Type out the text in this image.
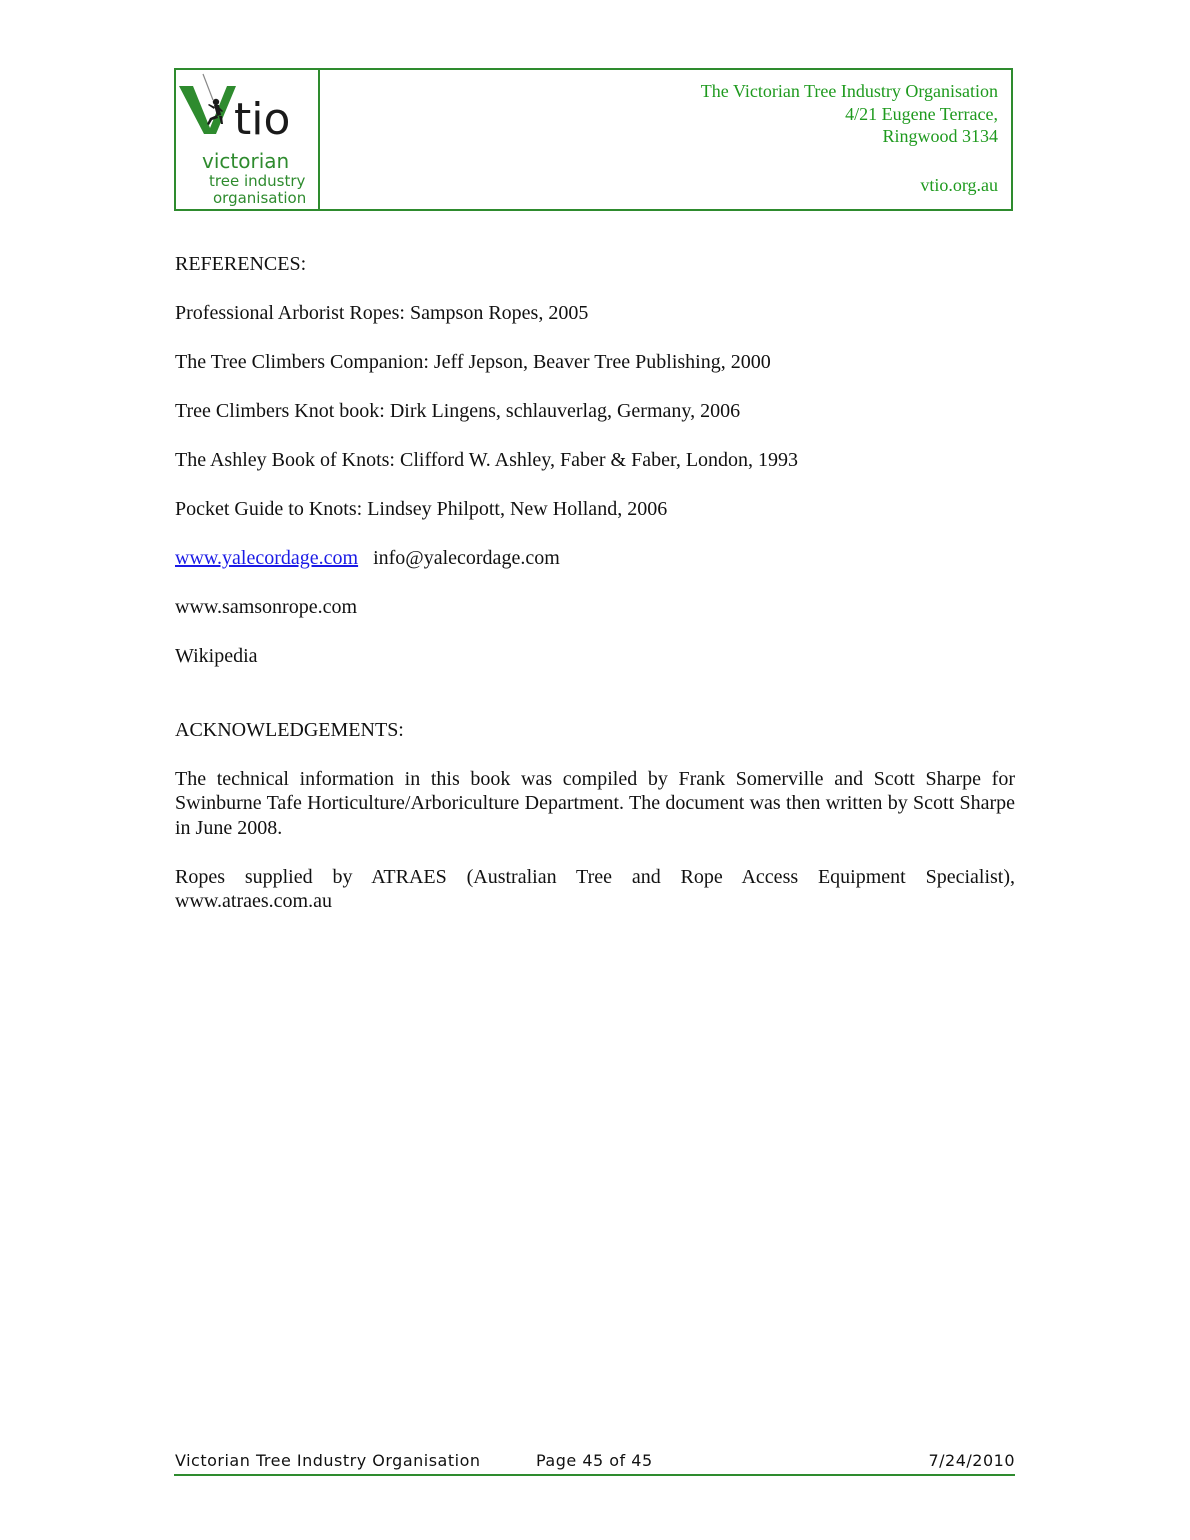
tio
victorian
tree industry
organisation
The Victorian Tree Industry Organisation
4/21 Eugene Terrace,
Ringwood 3134
vtio.org.au

REFERENCES:

Professional Arborist Ropes: Sampson Ropes, 2005

The Tree Climbers Companion: Jeff Jepson, Beaver Tree Publishing, 2000

Tree Climbers Knot book: Dirk Lingens, schlauverlag, Germany, 2006

The Ashley Book of Knots: Clifford W. Ashley, Faber & Faber, London, 1993

Pocket Guide to Knots: Lindsey Philpott, New Holland, 2006

www.yalecordage.com info@yalecordage.com

www.samsonrope.com

Wikipedia

ACKNOWLEDGEMENTS:

The technical information in this book was compiled by Frank Somerville and Scott Sharpe for Swinburne Tafe Horticulture/Arboriculture Department. The document was then written by Scott Sharpe in June 2008.

Ropes supplied by ATRAES (Australian Tree and Rope Access Equipment Specialist),

www.atraes.com.au

Victorian Tree Industry Organisation	Page 45 of 45	7/24/2010
